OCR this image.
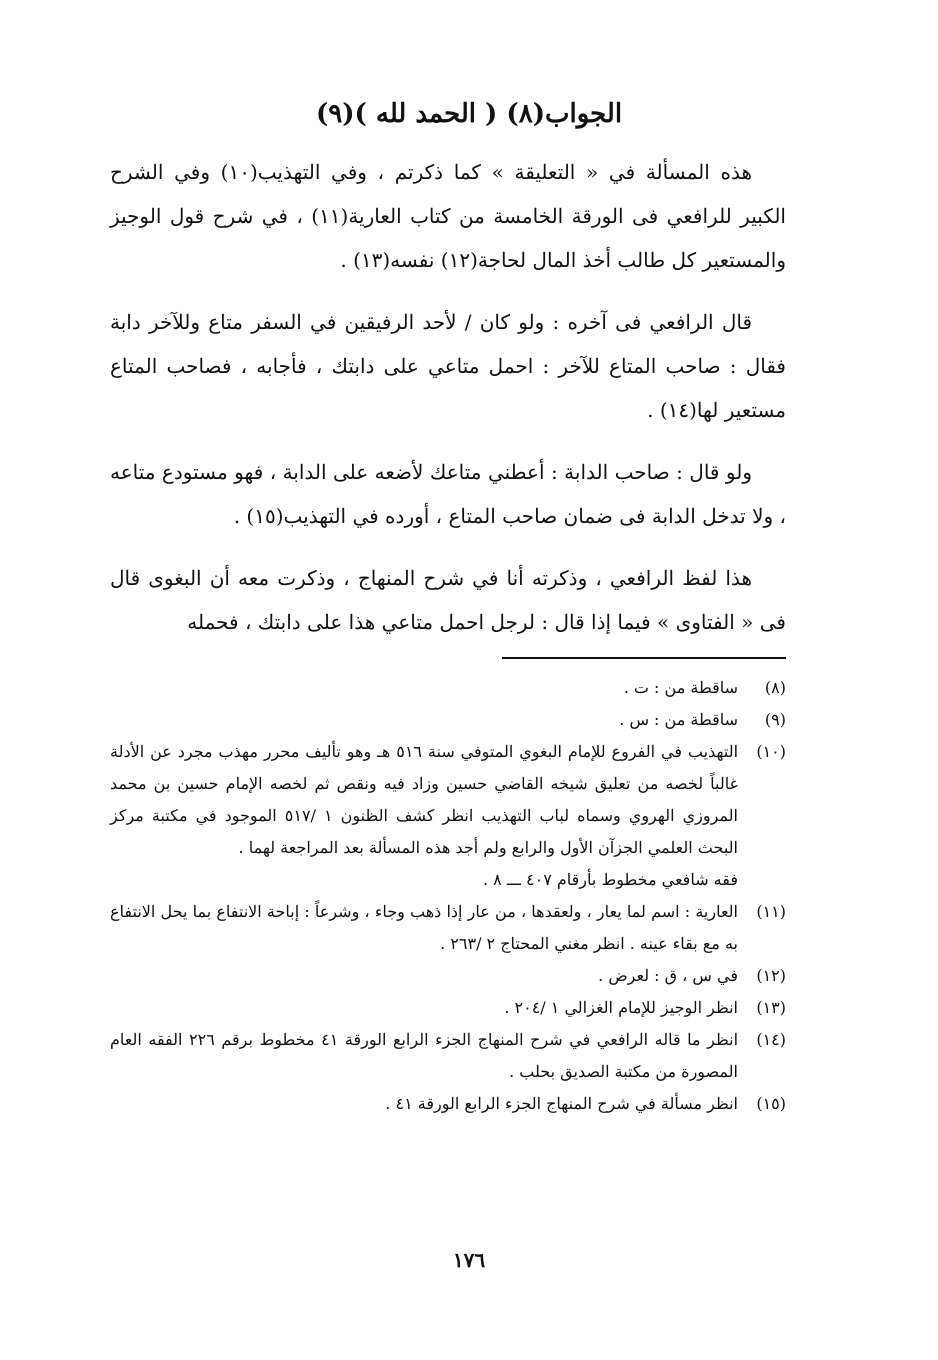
الجواب(٨) ( الحمد لله )(٩)

هذه المسألة في « التعليقة » كما ذكرتم ، وفي التهذيب(١٠) وفي الشرح الكبير للرافعي فى الورقة الخامسة من كتاب العارية(١١) ، في شرح قول الوجيز والمستعير كل طالب أخذ المال لحاجة(١٢) نفسه(١٣) .

قال الرافعي فى آخره : ولو كان / لأحد الرفيقين في السفر متاع وللآخر دابة فقال : صاحب المتاع للآخر : احمل متاعي على دابتك ، فأجابه ، فصاحب المتاع مستعير لها(١٤) .

ولو قال : صاحب الدابة : أعطني متاعك لأضعه على الدابة ، فهو مستودع متاعه ، ولا تدخل الدابة فى ضمان صاحب المتاع ، أورده في التهذيب(١٥) .

هذا لفظ الرافعي ، وذكرته أنا في شرح المنهاج ، وذكرت معه أن البغوى قال فى « الفتاوى » فيما إذا قال : لرجل احمل متاعي هذا على دابتك ، فحمله

(٨)
ساقطة من : ت .
(٩)
ساقطة من : س .
(١٠)
التهذيب في الفروع للإمام البغوي المتوفي سنة ٥١٦ هـ وهو تأليف محرر مهذب مجرد عن الأدلة غالباً لخصه من تعليق شيخه القاضي حسين وزاد فيه ونقص ثم لخصه الإمام حسين بن محمد المروزي الهروي وسماه لباب التهذيب انظر كشف الظنون ١ /٥١٧ الموجود في مكتبة مركز البحث العلمي الجزآن الأول والرابع ولم أجد هذه المسألة بعد المراجعة لهما .
فقه شافعي مخطوط بأرقام ٤٠٧ ـــ ٨ .
(١١)
العارية : اسم لما يعار ، ولعقدها ، من عار إذا ذهب وجاء ، وشرعاً : إباحة الانتفاع بما يحل الانتفاع به مع بقاء عينه . انظر مغني المحتاج ٢ /٢٦٣ .
(١٢)
في س ، ق : لعرض .
(١٣)
انظر الوجيز للإمام الغزالي ١ /٢٠٤ .
(١٤)
انظر ما قاله الرافعي في شرح المنهاج الجزء الرابع الورقة ٤١ مخطوط برقم ٢٢٦ الفقه العام المصورة من مكتبة الصديق بحلب .
(١٥)
انظر مسألة في شرح المنهاج الجزء الرابع الورقة ٤١ .
١٧٦
